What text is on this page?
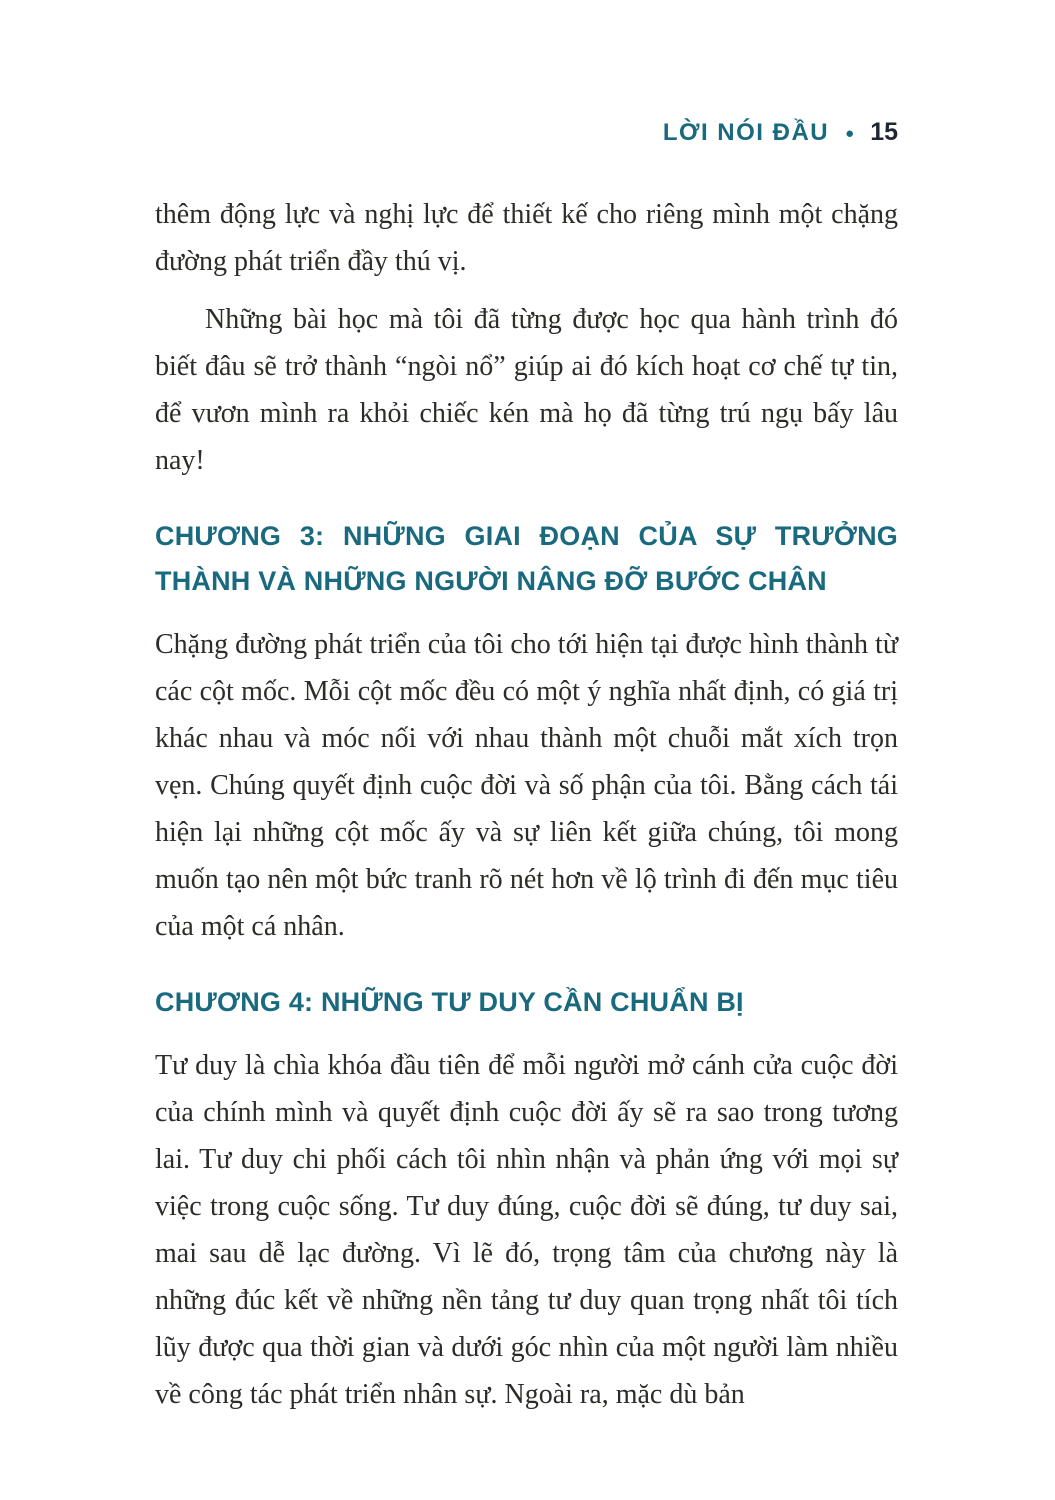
LỜI NÓI ĐẦU ● 15

thêm động lực và nghị lực để thiết kế cho riêng mình một chặng đường phát triển đầy thú vị.

Những bài học mà tôi đã từng được học qua hành trình đó biết đâu sẽ trở thành “ngòi nổ” giúp ai đó kích hoạt cơ chế tự tin, để vươn mình ra khỏi chiếc kén mà họ đã từng trú ngụ bấy lâu nay!

CHƯƠNG 3: NHỮNG GIAI ĐOẠN CỦA SỰ TRƯỞNG THÀNH VÀ NHỮNG NGƯỜI NÂNG ĐỠ BƯỚC CHÂN

Chặng đường phát triển của tôi cho tới hiện tại được hình thành từ các cột mốc. Mỗi cột mốc đều có một ý nghĩa nhất định, có giá trị khác nhau và móc nối với nhau thành một chuỗi mắt xích trọn vẹn. Chúng quyết định cuộc đời và số phận của tôi. Bằng cách tái hiện lại những cột mốc ấy và sự liên kết giữa chúng, tôi mong muốn tạo nên một bức tranh rõ nét hơn về lộ trình đi đến mục tiêu của một cá nhân.

CHƯƠNG 4: NHỮNG TƯ DUY CẦN CHUẨN BỊ

Tư duy là chìa khóa đầu tiên để mỗi người mở cánh cửa cuộc đời của chính mình và quyết định cuộc đời ấy sẽ ra sao trong tương lai. Tư duy chi phối cách tôi nhìn nhận và phản ứng với mọi sự việc trong cuộc sống. Tư duy đúng, cuộc đời sẽ đúng, tư duy sai, mai sau dễ lạc đường. Vì lẽ đó, trọng tâm của chương này là những đúc kết về những nền tảng tư duy quan trọng nhất tôi tích lũy được qua thời gian và dưới góc nhìn của một người làm nhiều về công tác phát triển nhân sự. Ngoài ra, mặc dù bản
